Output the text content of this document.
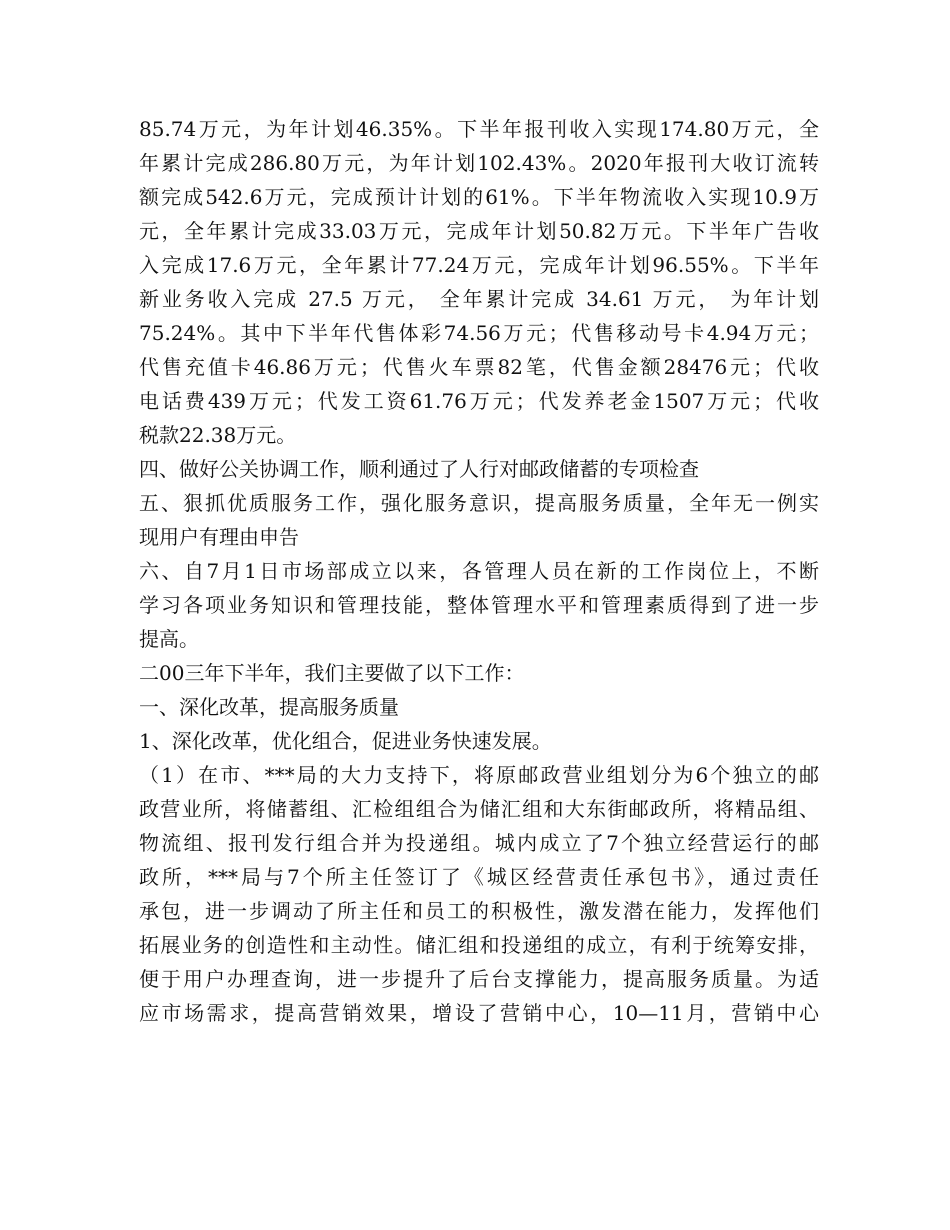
85.74万元，为年计划46.35%。下半年报刊收入实现174.80万元，全
年累计完成286.80万元，为年计划102.43%。2020年报刊大收订流转
额完成542.6万元，完成预计计划的61%。下半年物流收入实现10.9万
元，全年累计完成33.03万元，完成年计划50.82万元。下半年广告收
入完成17.6万元，全年累计77.24万元，完成年计划96.55%。下半年
新业务收入完成 27.5 万元， 全年累计完成 34.61 万元， 为年计划
75.24%。其中下半年代售体彩74.56万元；代售移动号卡4.94万元；
代售充值卡46.86万元；代售火车票82笔，代售金额28476元；代收
电话费439万元；代发工资61.76万元；代发养老金1507万元；代收
税款22.38万元。
四、做好公关协调工作，顺利通过了人行对邮政储蓄的专项检查
五、狠抓优质服务工作，强化服务意识，提高服务质量，全年无一例实
现用户有理由申告
六、自7月1日市场部成立以来，各管理人员在新的工作岗位上，不断
学习各项业务知识和管理技能，整体管理水平和管理素质得到了进一步
提高。
二00三年下半年，我们主要做了以下工作：
一、深化改革，提高服务质量
1、深化改革，优化组合，促进业务快速发展。
（1）在市、***局的大力支持下，将原邮政营业组划分为6个独立的邮
政营业所，将储蓄组、汇检组组合为储汇组和大东街邮政所，将精品组、
物流组、报刊发行组合并为投递组。城内成立了7个独立经营运行的邮
政所，***局与7个所主任签订了《城区经营责任承包书》，通过责任
承包，进一步调动了所主任和员工的积极性，激发潜在能力，发挥他们
拓展业务的创造性和主动性。储汇组和投递组的成立，有利于统筹安排，
便于用户办理查询，进一步提升了后台支撑能力，提高服务质量。为适
应市场需求，提高营销效果，增设了营销中心，10—11月，营销中心
